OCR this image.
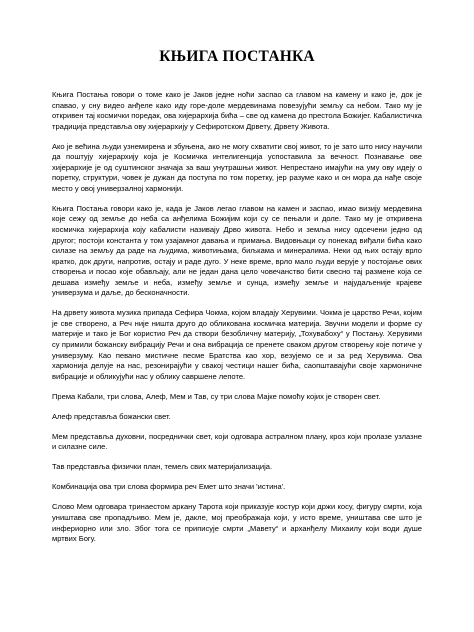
КЊИГА ПОСТАНКА

Књига Постања говори о томе како је Јаков једне ноћи заспао са главом на камену и како је, док је спавао, у сну видео анђеле како иду горе-доле мердевинама повезујући земљу са небом. Тако му је откривен тај космички поредак, ова хијерархија бића – све од камена до престола Божијег. Кабалистичка традиција представља ову хијерархију у Сефиротском Дрвету, Дрвету Живота.

Ако је већина људи узнемирена и збуњена, ако не могу схватити свој живот, то је зато што нису научили да поштују хијерархију која је Космичка интелигенција успоставила за вечност. Познавање ове хијерархије је од суштинског значаја за ваш унутрашњи живот. Непрестано имајући на уму ову идеју о поретку, структури, човек је дужан да поступа по том поретку, јер разуме како и он мора да нађе своје место у овој универзалној хармонији.

Књига Постања говори како је, када је Јаков легао главом на камен и заспао, имао визију мердевина које сежу од земље до неба са анђелима Божијим који су се пењали и доле. Тако му је откривена космичка хијерархија коју кабалисти називају Дрво живота. Небо и земља нису одсечени једно од другог; постоји константа у том узајамног давања и примања. Видовњаци су понекад виђали бића како силазе на земљу да раде на људима, животињама, биљкама и минералима. Неки од њих остају врло кратко, док други, напротив, остају и раде дуго. У неке време, врло мало људи верује у постојање ових створења и посао које обављају, али не један дана цело човечанство бити свесно тај размене која се дешава између земље и неба, између земље и сунца, између земље и најудаљеније крајеве универзума и даље, до бесконачности.

На дрвету живота музика припада Сефира Чокма, којом владају Херувими. Чокма је царство Речи, којим је све створено, а Реч није ништа друго до обликована космичка материја. Звучни модели и форме су материје и тако је Бог користио Реч да створи безобличну материју, „Тохувабоху“ у Постању. Херувими су примили божанску вибрацију Речи и она вибрација се пренете сваком другом створењу које потиче у универзуму. Као певано мистичне песме Братства као хор, везујемо се и за ред Херувима. Ова хармонија делује на нас, резонирајући у свакој честици нашег бића, саопштавајући своје хармоничне вибрације и обликујући нас у облику савршене лепоте.

Према Кабали, три слова, Алеф, Мем и Тав, су три слова Мајке помоћу којих је створен свет.

Алеф представља божански свет.

Мем представља духовни, посреднички свет, који одговара астралном плану, кроз који пролазе узлазне и силазне силе.

Тав представља физички план, темељ свих материјализација.

Комбинација ова три слова формира реч Емет што значи 'истина'.

Слово Мем одговара тринаестом аркану Тарота који приказује костур који држи косу, фигуру смрти, која уништава све пропадљиво. Мем је, дакле, мој преображаја који, у исто време, уништава све што је инфериорно или зло. Због тога се приписује смрти „Мавету“ и арханђелу Михаилу који води душе мртвих Богу.
